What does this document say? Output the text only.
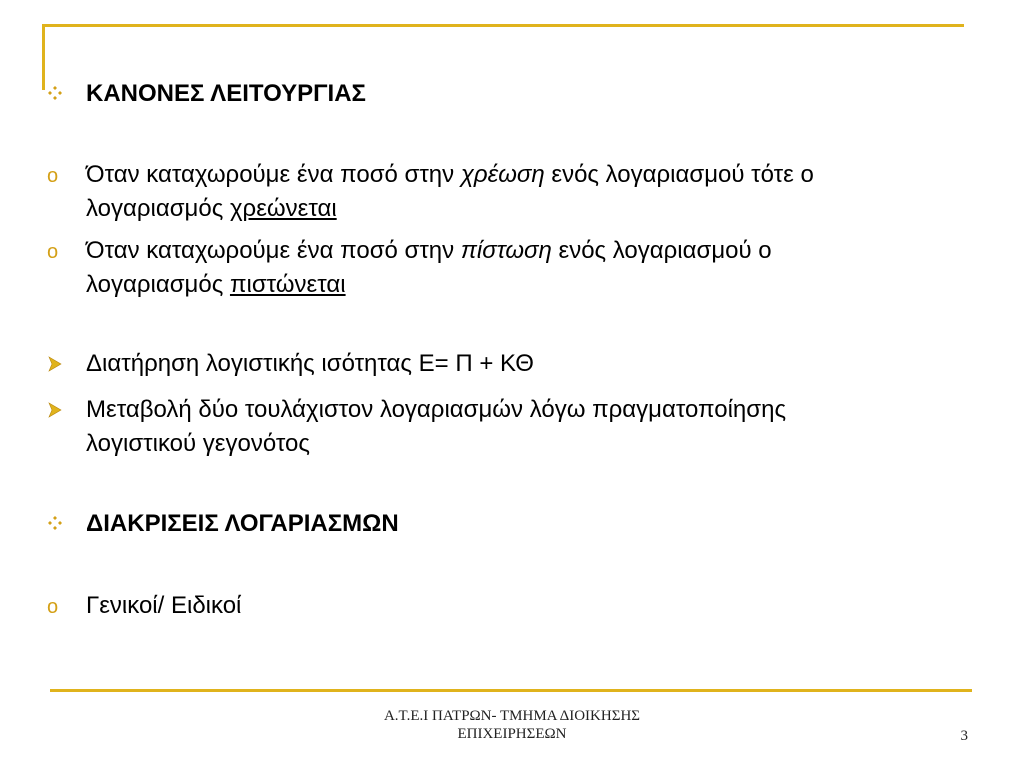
ΚΑΝΟΝΕΣ ΛΕΙΤΟΥΡΓΙΑΣ
o	Όταν καταχωρούμε ένα ποσό στην χρέωση ενός λογαριασμού τότε ο
λογαριασμός χρεώνεται
o	Όταν καταχωρούμε ένα ποσό στην πίστωση ενός λογαριασμού ο
λογαριασμός πιστώνεται
Διατήρηση λογιστικής ισότητας Ε= Π + ΚΘ
Μεταβολή δύο τουλάχιστον λογαριασμών λόγω πραγματοποίησης
λογιστικού γεγονότος
ΔΙΑΚΡΙΣΕΙΣ ΛΟΓΑΡΙΑΣΜΩΝ
o	Γενικοί/ Ειδικοί
Α.Τ.Ε.Ι ΠΑΤΡΩΝ- ΤΜΗΜΑ ΔΙΟΙΚΗΣΗΣ
ΕΠΙΧΕΙΡΗΣΕΩΝ	3
